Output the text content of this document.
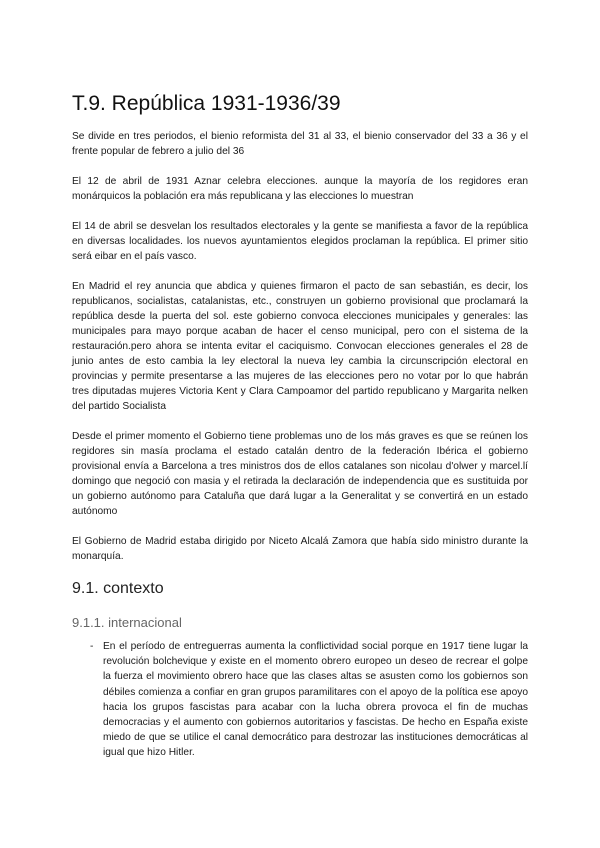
T.9. República 1931-1936/39

Se divide en tres periodos, el bienio reformista del 31 al 33, el bienio conservador del 33 a 36 y el frente popular de febrero a julio del 36

El 12 de abril de 1931 Aznar celebra elecciones. aunque la mayoría de los regidores eran monárquicos la población era más republicana y las elecciones lo muestran

El 14 de abril se desvelan los resultados electorales y la gente se manifiesta a favor de la república en diversas localidades. los nuevos ayuntamientos elegidos proclaman la república. El primer sitio será eibar en el país vasco.

En Madrid el rey anuncia que abdica y quienes firmaron el pacto de san sebastián, es decir, los republicanos, socialistas, catalanistas, etc., construyen un gobierno provisional que proclamará la república desde la puerta del sol. este gobierno convoca elecciones municipales y generales: las municipales para mayo porque acaban de hacer el censo municipal, pero con el sistema de la restauración.pero ahora se intenta evitar el caciquismo. Convocan elecciones generales el 28 de junio antes de esto cambia la ley electoral la nueva ley cambia la circunscripción electoral en provincias y permite presentarse a las mujeres de las elecciones pero no votar por lo que habrán tres diputadas mujeres Victoria Kent y Clara Campoamor del partido republicano y Margarita nelken del partido Socialista

Desde el primer momento el Gobierno tiene problemas uno de los más graves es que se reúnen los regidores sin masía proclama el estado catalán dentro de la federación Ibérica el gobierno provisional envía a Barcelona a tres ministros dos de ellos catalanes son nicolau d'olwer y marcel.lí domingo que negoció con masia y el retirada la declaración de independencia que es sustituida por un gobierno autónomo para Cataluña que dará lugar a la Generalitat y se convertirá en un estado autónomo

El Gobierno de Madrid estaba dirigido por Niceto Alcalá Zamora que había sido ministro durante la monarquía.

9.1. contexto
9.1.1. internacional
- En el período de entreguerras aumenta la conflictividad social porque en 1917 tiene lugar la revolución bolchevique y existe en el momento obrero europeo un deseo de recrear el golpe la fuerza el movimiento obrero hace que las clases altas se asusten como los gobiernos son débiles comienza a confiar en gran grupos paramilitares con el apoyo de la política ese apoyo hacia los grupos fascistas para acabar con la lucha obrera provoca el fin de muchas democracias y el aumento con gobiernos autoritarios y fascistas. De hecho en España existe miedo de que se utilice el canal democrático para destrozar las instituciones democráticas al igual que hizo Hitler.
